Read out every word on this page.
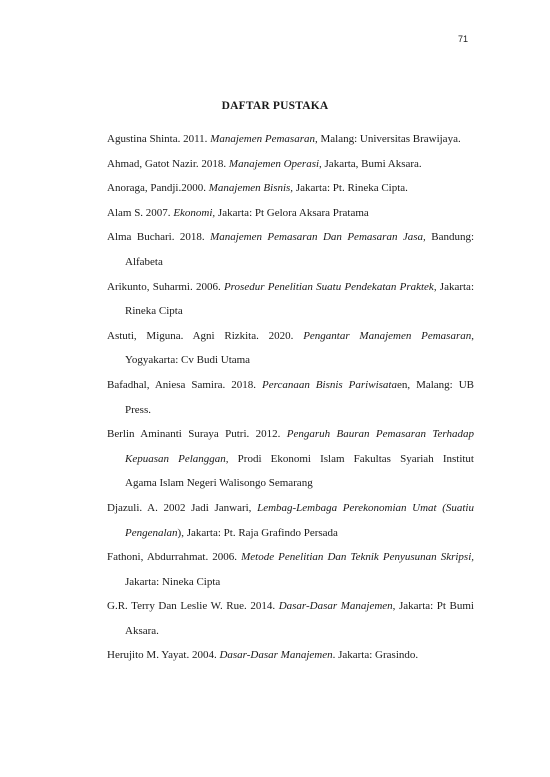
71
DAFTAR PUSTAKA
Agustina Shinta. 2011. Manajemen Pemasaran, Malang: Universitas Brawijaya.
Ahmad, Gatot Nazir. 2018. Manajemen Operasi, Jakarta, Bumi Aksara.
Anoraga, Pandji.2000. Manajemen Bisnis, Jakarta: Pt. Rineka Cipta.
Alam S. 2007. Ekonomi, Jakarta: Pt Gelora Aksara Pratama
Alma Buchari. 2018. Manajemen Pemasaran Dan Pemasaran Jasa, Bandung:
Alfabeta
Arikunto, Suharmi. 2006. Prosedur Penelitian Suatu Pendekatan Praktek, Jakarta:
Rineka Cipta
Astuti, Miguna. Agni Rizkita. 2020. Pengantar Manajemen Pemasaran,
Yogyakarta: Cv Budi Utama
Bafadhal, Aniesa Samira. 2018. Percanaan Bisnis Pariwisataen, Malang: UB
Press.
Berlin Aminanti Suraya Putri. 2012. Pengaruh Bauran Pemasaran Terhadap
Kepuasan Pelanggan, Prodi Ekonomi Islam Fakultas Syariah Institut
Agama Islam Negeri Walisongo Semarang
Djazuli. A. 2002 Jadi Janwari, Lembag-Lembaga Perekonomian Umat (Suatiu
Pengenalan), Jakarta: Pt. Raja Grafindo Persada
Fathoni, Abdurrahmat. 2006. Metode Penelitian Dan Teknik Penyusunan Skripsi,
Jakarta: Nineka Cipta
G.R. Terry Dan Leslie W. Rue. 2014. Dasar-Dasar Manajemen, Jakarta: Pt Bumi
Aksara.
Herujito M. Yayat. 2004. Dasar-Dasar Manajemen. Jakarta: Grasindo.
